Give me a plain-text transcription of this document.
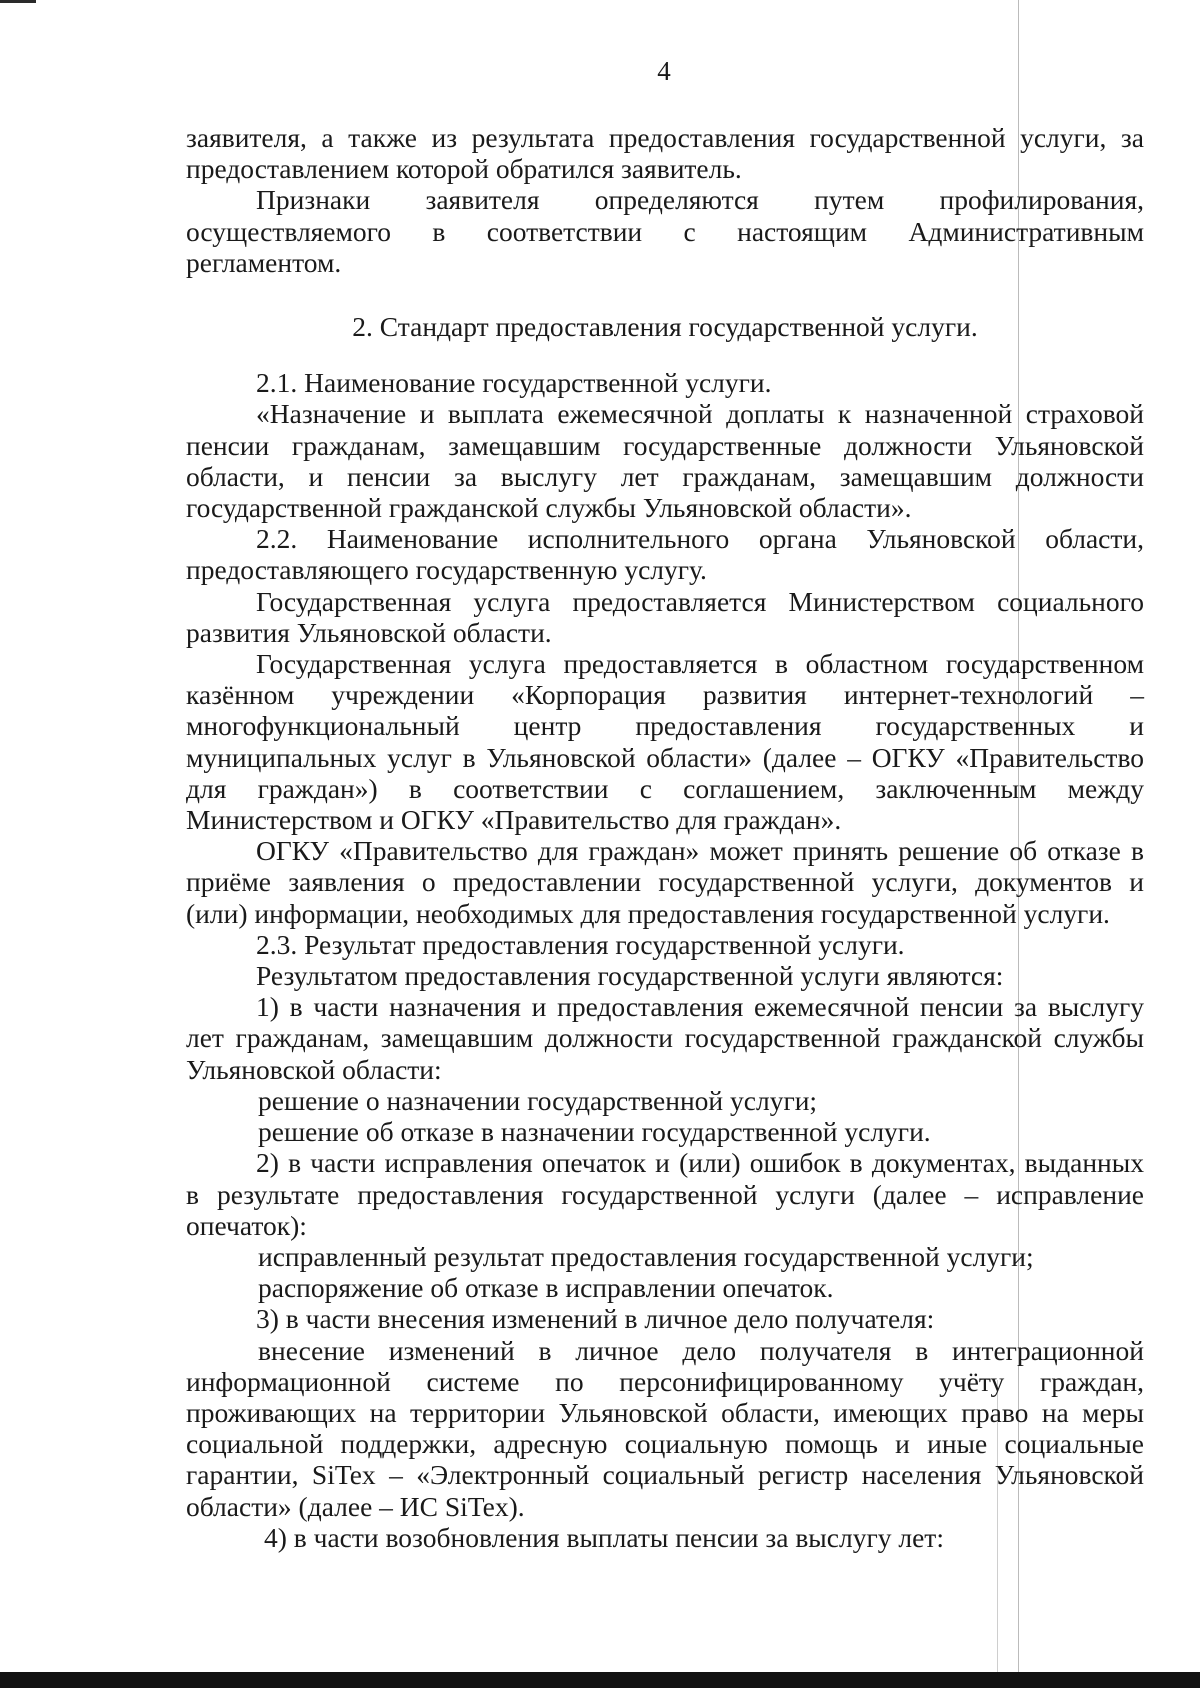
4
заявителя, а также из результата предоставления государственной услуги, за
предоставлением которой обратился заявитель.
Признаки заявителя определяются путем профилирования,
осуществляемого в соответствии с настоящим Административным
регламентом.
2. Стандарт предоставления государственной услуги.
2.1. Наименование государственной услуги.
«Назначение и выплата ежемесячной доплаты к назначенной страховой
пенсии гражданам, замещавшим государственные должности Ульяновской
области, и пенсии за выслугу лет гражданам, замещавшим должности
государственной гражданской службы Ульяновской области».
2.2. Наименование исполнительного органа Ульяновской области,
предоставляющего государственную услугу.
Государственная услуга предоставляется Министерством социального
развития Ульяновской области.
Государственная услуга предоставляется в областном государственном
казённом учреждении «Корпорация развития интернет-технологий –
многофункциональный центр предоставления государственных и
муниципальных услуг в Ульяновской области» (далее – ОГКУ «Правительство
для граждан») в соответствии с соглашением, заключенным между
Министерством и ОГКУ «Правительство для граждан».
ОГКУ «Правительство для граждан» может принять решение об отказе в
приёме заявления о предоставлении государственной услуги, документов и
(или) информации, необходимых для предоставления государственной услуги.
2.3. Результат предоставления государственной услуги.
Результатом предоставления государственной услуги являются:
1) в части назначения и предоставления ежемесячной пенсии за выслугу
лет гражданам, замещавшим должности государственной гражданской службы
Ульяновской области:
решение о назначении государственной услуги;
решение об отказе в назначении государственной услуги.
2) в части исправления опечаток и (или) ошибок в документах, выданных
в результате предоставления государственной услуги (далее – исправление
опечаток):
исправленный результат предоставления государственной услуги;
распоряжение об отказе в исправлении опечаток.
3) в части внесения изменений в личное дело получателя:
внесение изменений в личное дело получателя в интеграционной
информационной системе по персонифицированному учёту граждан,
проживающих на территории Ульяновской области, имеющих право на меры
социальной поддержки, адресную социальную помощь и иные социальные
гарантии, SiTex – «Электронный социальный регистр населения Ульяновской
области» (далее – ИС SiTex).
4) в части возобновления выплаты пенсии за выслугу лет:
